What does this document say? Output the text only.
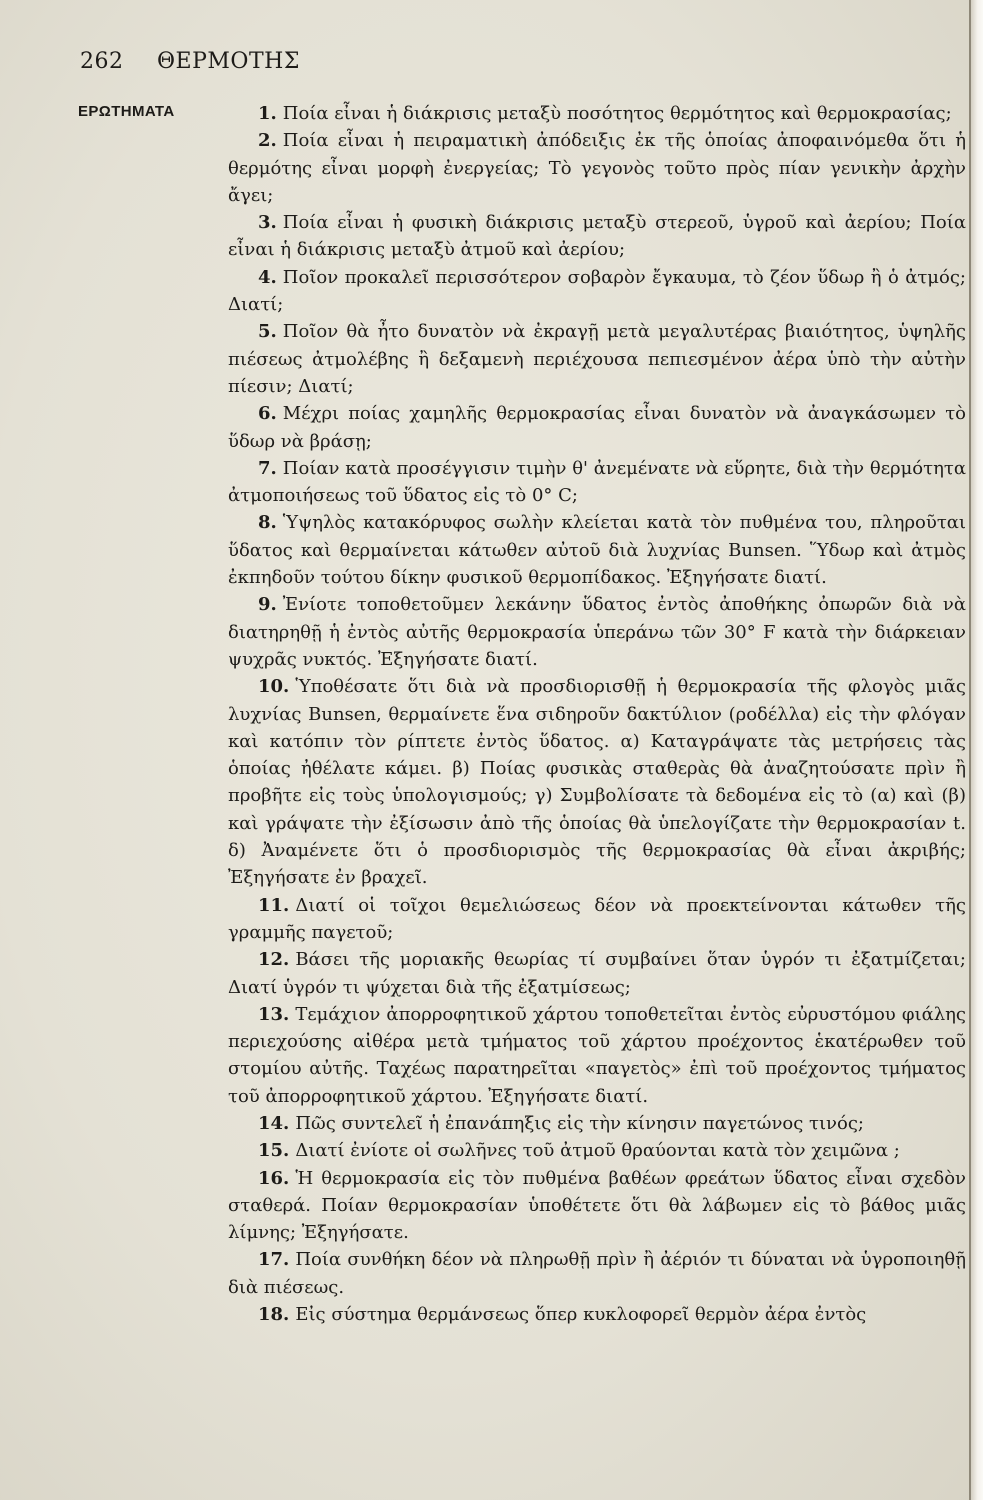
262 ΘΕΡΜΟΤΗΣ
ΕΡΩΤΗΜΑΤΑ	1. Ποία εἶναι ἡ διάκρισις μεταξὺ ποσότητος θερμότητος καὶ θερμοκρασίας;

2. Ποία εἶναι ἡ πειραματικὴ ἀπόδειξις ἐκ τῆς ὁποίας ἀποφαινόμεθα ὅτι ἡ θερμότης εἶναι μορφὴ ἐνεργείας; Τὸ γεγονὸς τοῦτο πρὸς πίαν γενικὴν ἀρχὴν ἄγει;

3. Ποία εἶναι ἡ φυσικὴ διάκρισις μεταξὺ στερεοῦ, ὑγροῦ καὶ ἀερίου; Ποία εἶναι ἡ διάκρισις μεταξὺ ἀτμοῦ καὶ ἀερίου;

4. Ποῖον προκαλεῖ περισσότερον σοβαρὸν ἔγκαυμα, τὸ ζέον ὕδωρ ἢ ὁ ἀτμός; Διατί;

5. Ποῖον θὰ ἦτο δυνατὸν νὰ ἐκραγῇ μετὰ μεγαλυτέρας βιαιότητος, ὑψηλῆς πιέσεως ἀτμολέβης ἢ δεξαμενὴ περιέχουσα πεπιεσμένον ἀέρα ὑπὸ τὴν αὐτὴν πίεσιν; Διατί;

6. Μέχρι ποίας χαμηλῆς θερμοκρασίας εἶναι δυνατὸν νὰ ἀναγκάσωμεν τὸ ὕδωρ νὰ βράσῃ;

7. Ποίαν κατὰ προσέγγισιν τιμὴν θ' ἀνεμένατε νὰ εὕρητε, διὰ τὴν θερμότητα ἀτμοποιήσεως τοῦ ὕδατος εἰς τὸ 0° C;

8. Ὑψηλὸς κατακόρυφος σωλὴν κλείεται κατὰ τὸν πυθμένα του, πληροῦται ὕδατος καὶ θερμαίνεται κάτωθεν αὐτοῦ διὰ λυχνίας Bunsen. Ὕδωρ καὶ ἀτμὸς ἐκπηδοῦν τούτου δίκην φυσικοῦ θερμοπίδακος. Ἐξηγήσατε διατί.

9. Ἐνίοτε τοποθετοῦμεν λεκάνην ὕδατος ἐντὸς ἀποθήκης ὀπωρῶν διὰ νὰ διατηρηθῇ ἡ ἐντὸς αὐτῆς θερμοκρασία ὑπεράνω τῶν 30° F κατὰ τὴν διάρκειαν ψυχρᾶς νυκτός. Ἐξηγήσατε διατί.

10. Ὑποθέσατε ὅτι διὰ νὰ προσδιορισθῇ ἡ θερμοκρασία τῆς φλογὸς μιᾶς λυχνίας Bunsen, θερμαίνετε ἕνα σιδηροῦν δακτύλιον (ροδέλλα) εἰς τὴν φλόγαν καὶ κατόπιν τὸν ρίπτετε ἐντὸς ὕδατος. α) Καταγράψατε τὰς μετρήσεις τὰς ὁποίας ἠθέλατε κάμει. β) Ποίας φυσικὰς σταθερὰς θὰ ἀναζητούσατε πρὶν ἢ προβῆτε εἰς τοὺς ὑπολογισμούς; γ) Συμβολίσατε τὰ δεδομένα εἰς τὸ (α) καὶ (β) καὶ γράψατε τὴν ἐξίσωσιν ἀπὸ τῆς ὁποίας θὰ ὑπελογίζατε τὴν θερμοκρασίαν t. δ) Ἀναμένετε ὅτι ὁ προσδιορισμὸς τῆς θερμοκρασίας θὰ εἶναι ἀκριβής; Ἐξηγήσατε ἐν βραχεῖ.

11. Διατί οἱ τοῖχοι θεμελιώσεως δέον νὰ προεκτείνονται κάτωθεν τῆς γραμμῆς παγετοῦ;

12. Βάσει τῆς μοριακῆς θεωρίας τί συμβαίνει ὅταν ὑγρόν τι ἐξατμίζεται; Διατί ὑγρόν τι ψύχεται διὰ τῆς ἐξατμίσεως;

13. Τεμάχιον ἀπορροφητικοῦ χάρτου τοποθετεῖται ἐντὸς εὐρυστόμου φιάλης περιεχούσης αἰθέρα μετὰ τμήματος τοῦ χάρτου προέχοντος ἑκατέρωθεν τοῦ στομίου αὐτῆς. Ταχέως παρατηρεῖται «παγετὸς» ἐπὶ τοῦ προέχοντος τμήματος τοῦ ἀπορροφητικοῦ χάρτου. Ἐξηγήσατε διατί.

14. Πῶς συντελεῖ ἡ ἐπανάπηξις εἰς τὴν κίνησιν παγετώνος τινός;

15. Διατί ἐνίοτε οἱ σωλῆνες τοῦ ἀτμοῦ θραύονται κατὰ τὸν χειμῶνα ;

16. Ἡ θερμοκρασία εἰς τὸν πυθμένα βαθέων φρεάτων ὕδατος εἶναι σχεδὸν σταθερά. Ποίαν θερμοκρασίαν ὑποθέτετε ὅτι θὰ λάβωμεν εἰς τὸ βάθος μιᾶς λίμνης; Ἐξηγήσατε.

17. Ποία συνθήκη δέον νὰ πληρωθῇ πρὶν ἢ ἀέριόν τι δύναται νὰ ὑγροποιηθῇ διὰ πιέσεως.

18. Εἰς σύστημα θερμάνσεως ὅπερ κυκλοφορεῖ θερμὸν ἀέρα ἐντὸς
